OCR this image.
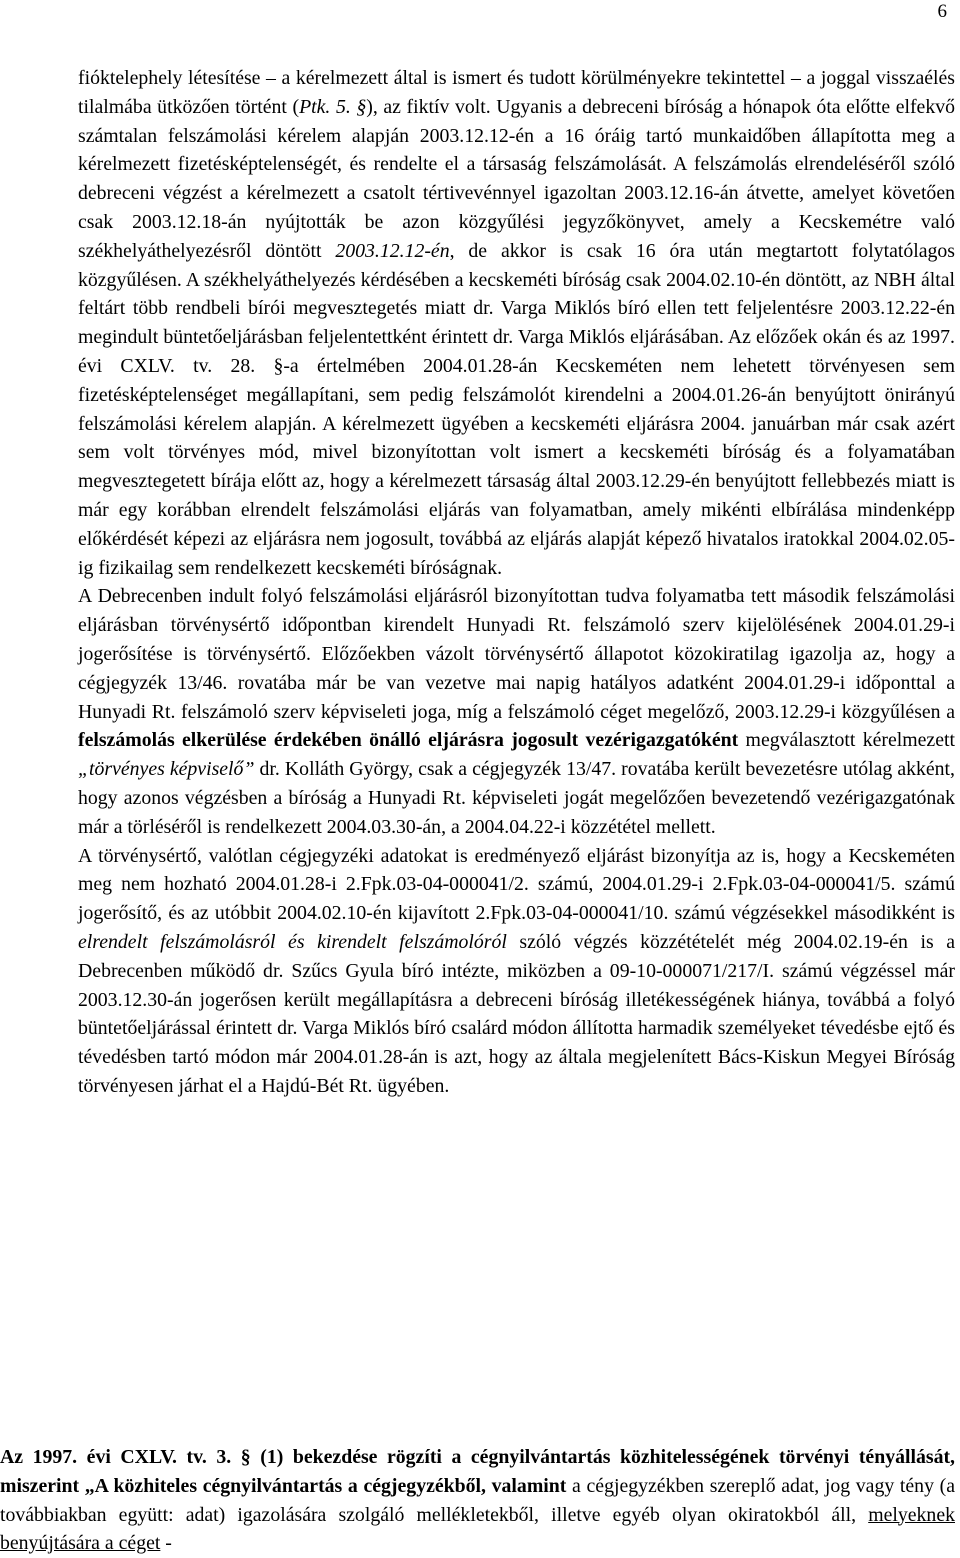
6

fióktelephely létesítése – a kérelmezett által is ismert és tudott körülményekre tekintettel – a joggal visszaélés tilalmába ütközően történt (Ptk. 5. §), az fiktív volt. Ugyanis a debreceni bíróság a hónapok óta előtte elfekvő számtalan felszámolási kérelem alapján 2003.12.12-én a 16 óráig tartó munkaidőben állapította meg a kérelmezett fizetésképtelenségét, és rendelte el a társaság felszámolását. A felszámolás elrendeléséről szóló debreceni végzést a kérelmezett a csatolt tértivevénnyel igazoltan 2003.12.16-án átvette, amelyet követően csak 2003.12.18-án nyújtották be azon közgyűlési jegyzőkönyvet, amely a Kecskemétre való székhelyáthelyezésről döntött 2003.12.12-én, de akkor is csak 16 óra után megtartott folytatólagos közgyűlésen. A székhelyáthelyezés kérdésében a kecskeméti bíróság csak 2004.02.10-én döntött, az NBH által feltárt több rendbeli bírói megvesztegetés miatt dr. Varga Miklós bíró ellen tett feljelentésre 2003.12.22-én megindult büntetőeljárásban feljelentettként érintett dr. Varga Miklós eljárásában. Az előzőek okán és az 1997. évi CXLV. tv. 28. §-a értelmében 2004.01.28-án Kecskeméten nem lehetett törvényesen sem fizetésképtelenséget megállapítani, sem pedig felszámolót kirendelni a 2004.01.26-án benyújtott önirányú felszámolási kérelem alapján. A kérelmezett ügyében a kecskeméti eljárásra 2004. januárban már csak azért sem volt törvényes mód, mivel bizonyítottan volt ismert a kecskeméti bíróság és a folyamatában megvesztegetett bírája előtt az, hogy a kérelmezett társaság által 2003.12.29-én benyújtott fellebbezés miatt is már egy korábban elrendelt felszámolási eljárás van folyamatban, amely mikénti elbírálása mindenképp előkérdését képezi az eljárásra nem jogosult, továbbá az eljárás alapját képező hivatalos iratokkal 2004.02.05-ig fizikailag sem rendelkezett kecskeméti bíróságnak.

A Debrecenben indult folyó felszámolási eljárásról bizonyítottan tudva folyamatba tett második felszámolási eljárásban törvénysértő időpontban kirendelt Hunyadi Rt. felszámoló szerv kijelölésének 2004.01.29-i jogerősítése is törvénysértő. Előzőekben vázolt törvénysértő állapotot közokiratilag igazolja az, hogy a cégjegyzék 13/46. rovatába már be van vezetve mai napig hatályos adatként 2004.01.29-i időponttal a Hunyadi Rt. felszámoló szerv képviseleti joga, míg a felszámoló céget megelőző, 2003.12.29-i közgyűlésen a felszámolás elkerülése érdekében önálló eljárásra jogosult vezérigazgatóként megválasztott kérelmezett „törvényes képviselő” dr. Kolláth György, csak a cégjegyzék 13/47. rovatába került bevezetésre utólag akként, hogy azonos végzésben a bíróság a Hunyadi Rt. képviseleti jogát megelőzően bevezetendő vezérigazgatónak már a törléséről is rendelkezett 2004.03.30-án, a 2004.04.22-i közzététel mellett.

A törvénysértő, valótlan cégjegyzéki adatokat is eredményező eljárást bizonyítja az is, hogy a Kecskeméten meg nem hozható 2004.01.28-i 2.Fpk.03-04-000041/2. számú, 2004.01.29-i 2.Fpk.03-04-000041/5. számú jogerősítő, és az utóbbit 2004.02.10-én kijavított 2.Fpk.03-04-000041/10. számú végzésekkel másodikként is elrendelt felszámolásról és kirendelt felszámolóról szóló végzés közzétételét még 2004.02.19-én is a Debrecenben működő dr. Szűcs Gyula bíró intézte, miközben a 09-10-000071/217/I. számú végzéssel már 2003.12.30-án jogerősen került megállapításra a debreceni bíróság illetékességének hiánya, továbbá a folyó büntetőeljárással érintett dr. Varga Miklós bíró csalárd módon állította harmadik személyeket tévedésbe ejtő és tévedésben tartó módon már 2004.01.28-án is azt, hogy az általa megjelenített Bács-Kiskun Megyei Bíróság törvényesen járhat el a Hajdú-Bét Rt. ügyében.

Az 1997. évi CXLV. tv. 3. § (1) bekezdése rögzíti a cégnyilvántartás közhitelességének törvényi tényállását, miszerint „A közhiteles cégnyilvántartás a cégjegyzékből, valamint a cégjegyzékben szereplő adat, jog vagy tény (a továbbiakban együtt: adat) igazolására szolgáló mellékletekből, illetve egyéb olyan okiratokból áll, melyeknek benyújtására a céget -
